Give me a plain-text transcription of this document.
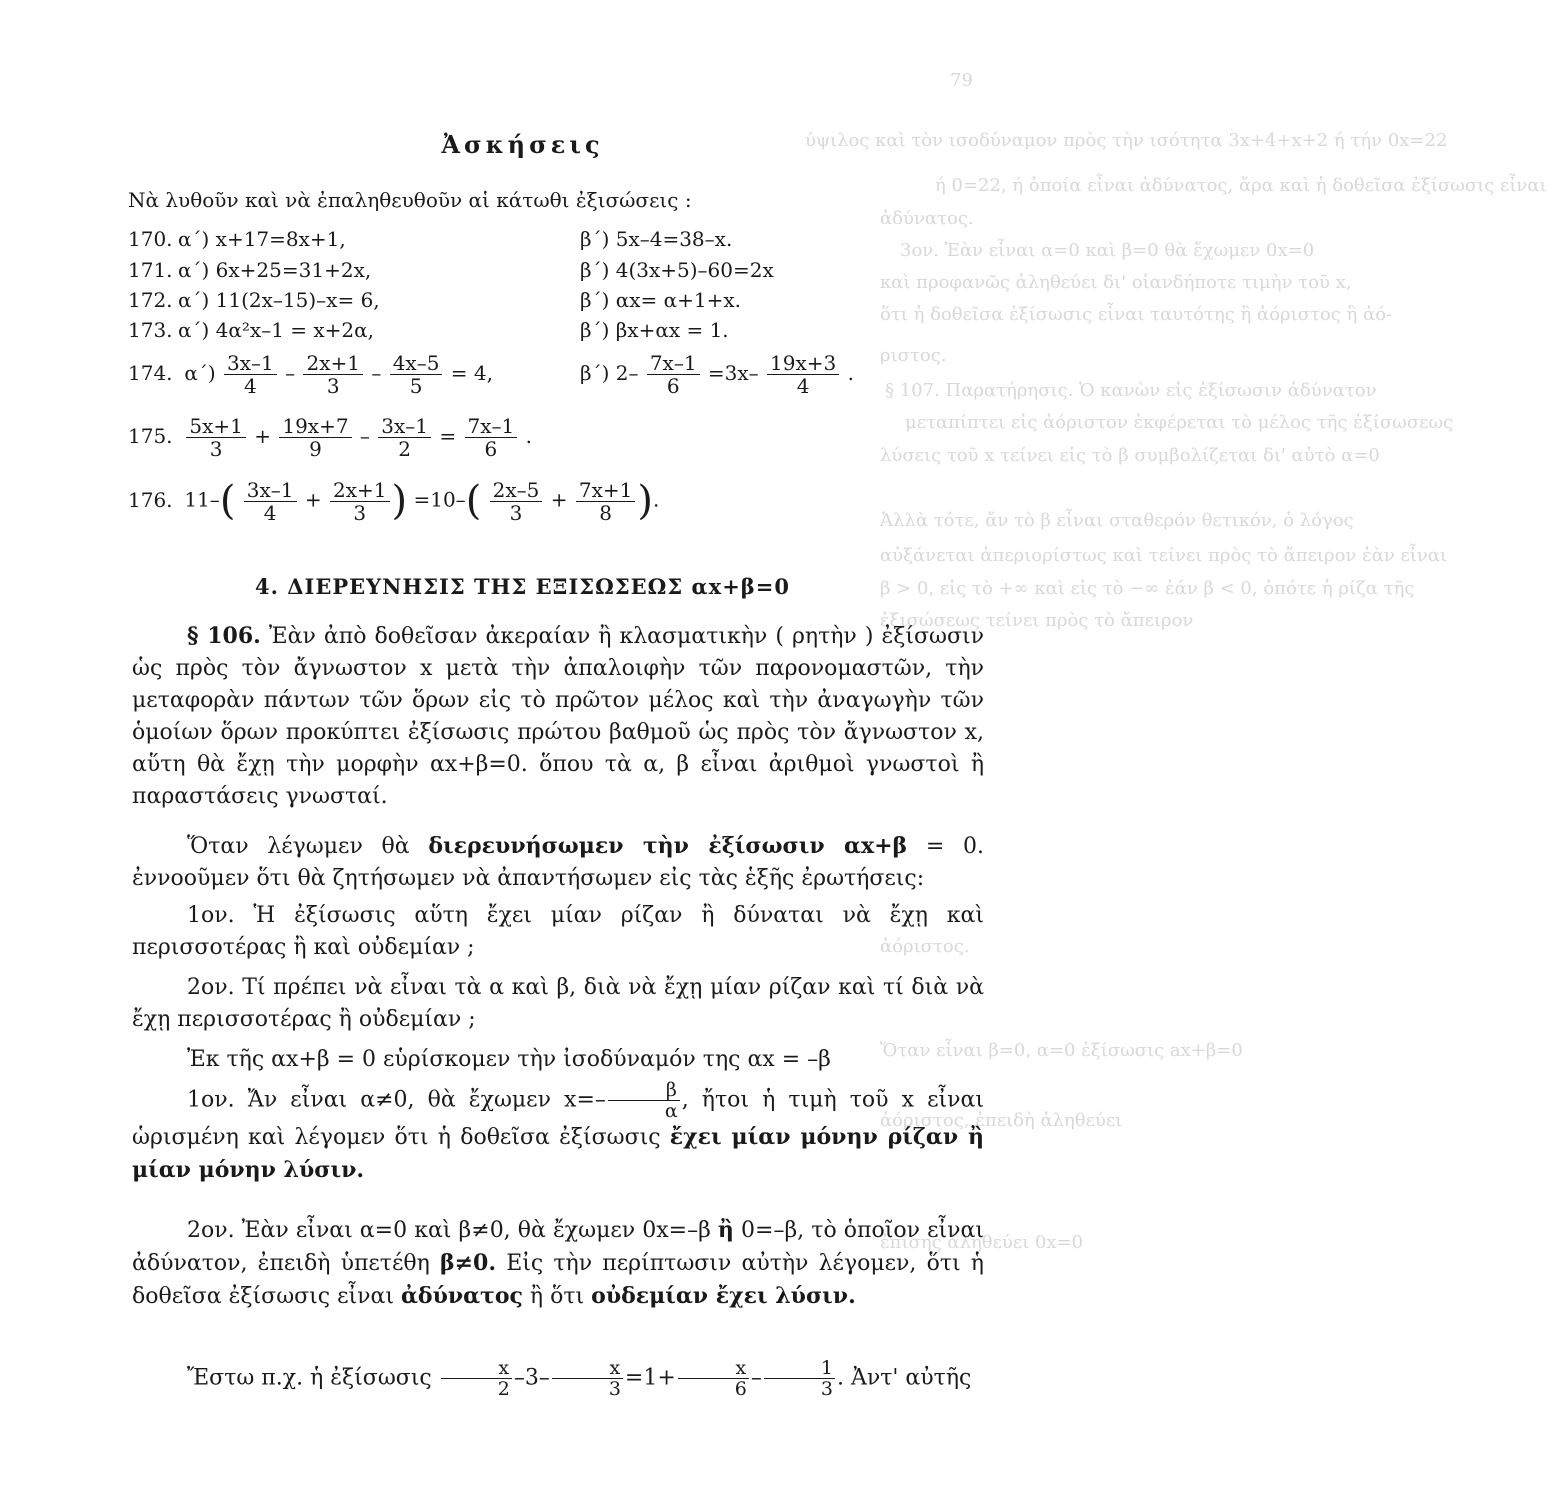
79
ύψιλος καὶ τὸν ισοδύναμον πρὸς τὴν ισότητα 3x+4+x+2 ή τήν 0x=22
ή 0=22, ή ὁποία εἶναι ἀδύνατος, ἄρα καὶ ἡ δοθεῖσα ἐξίσωσις εἶναι
ἀδύνατος.
3ον. Ἐὰν εἶναι α=0 καὶ β=0 θὰ ἔχωμεν 0x=0
καὶ προφανῶς ἀληθεύει δι' οἱανδήποτε τιμὴν τοῦ x,
ὅτι ἡ δοθεῖσα ἐξίσωσις εἶναι ταυτότης ἢ ἀόριστος ἢ ἀό-
ριστος.
§ 107. Παρατήρησις. Ὁ κανὼν εἰς ἐξίσωσιν ἀδύνατον
μεταπίπτει εἰς ἀόριστον ἐκφέρεται τὸ μέλος τῆς ἐξίσωσεως
λύσεις τοῦ x τείνει εἰς τὸ β συμβολίζεται δι' αὐτὸ α=0
Ἀλλὰ τότε, ἄν τὸ β εἶναι σταθερόν θετικόν, ὁ λόγος
αὐξάνεται ἀπεριορίστως καὶ τείνει πρὸς τὸ ἄπειρον ἐὰν εἶναι
β > 0, εἰς τὸ +∞ καὶ εἰς τὸ −∞ ἐάν β < 0, ὁπότε ἡ ρίζα τῆς
ἐξισώσεως τείνει πρὸς τὸ ἄπειρον
ἀόριστος.
Ὅταν εἶναι β=0, α=0 ἐξίσωσις ax+β=0
ἀόριστος, ἐπειδὴ ἀληθεύει
ἐπίσης ἀληθεύει 0x=0
Ἀσκήσεις
Νὰ λυθοῦν καὶ νὰ ἐπαληθευθοῦν αἱ κάτωθι ἐξισώσεις :
170. α΄) x+17=8x+1,	β΄) 5x–4=38–x.
171. α΄) 6x+25=31+2x,	β΄) 4(3x+5)–60=2x
172. α΄) 11(2x–15)–x= 6,	β΄) αx= α+1+x.
173. α΄) 4α²x–1 = x+2α,	β΄) βx+αx = 1.
174. $\alpha΄) \frac{3x-1}{4} - \frac{2x+1}{3} - \frac{4x-5}{5} = 4$,	β΄) $2- \frac{7x-1}{6} =3x- \frac{19x+3}{4}$ .
175. $\frac{5x+1}{3} + \frac{19x+7}{9} - \frac{3x-1}{2} = \frac{7x-1}{6}$ .
176. $11-( \frac{3x-1}{4} + \frac{2x+1}{3}$ ) $=10-( \frac{2x-5}{3} + \frac{7x+1}{8}$ ).
4. ΔΙΕΡΕΥΝΗΣΙΣ ΤΗΣ ΕΞΙΣΩΣΕΩΣ αx+β=0

§ 106. Ἐὰν ἀπὸ δοθεῖσαν ἀκεραίαν ἢ κλασματικὴν ( ρητὴν ) ἐξίσωσιν ὡς πρὸς τὸν ἄγνωστον x μετὰ τὴν ἀπαλοιφὴν τῶν παρονομαστῶν, τὴν μεταφορὰν πάντων τῶν ὅρων εἰς τὸ πρῶτον μέλος καὶ τὴν ἀναγωγὴν τῶν ὁμοίων ὅρων προκύπτει ἐξίσωσις πρώτου βαθμοῦ ὡς πρὸς τὸν ἄγνωστον x, αὕτη θὰ ἔχῃ τὴν μορφὴν αx+β=0. ὅπου τὰ α, β εἶναι ἀριθμοὶ γνωστοὶ ἢ παραστάσεις γνωσταί.

Ὅταν λέγωμεν θὰ διερευνήσωμεν τὴν ἐξίσωσιν αx+β = 0. ἐννοοῦμεν ὅτι θὰ ζητήσωμεν νὰ ἀπαντήσωμεν εἰς τὰς ἑξῆς ἐρωτήσεις:

1ον. Ἡ ἐξίσωσις αὕτη ἔχει μίαν ρίζαν ἢ δύναται νὰ ἔχῃ καὶ περισσοτέρας ἢ καὶ οὐδεμίαν ;

2ον. Τί πρέπει νὰ εἶναι τὰ α καὶ β, διὰ νὰ ἔχῃ μίαν ρίζαν καὶ τί διὰ νὰ ἔχῃ περισσοτέρας ἢ οὐδεμίαν ;

Ἐκ τῆς αx+β = 0 εὑρίσκομεν τὴν ἰσοδύναμόν της αx = –β

1ον. Ἄν εἶναι α≠0, θὰ ἔχωμεν $x=- \frac{\beta}{\alpha}$ , ἤτοι ἡ τιμὴ τοῦ x εἶναι ὡρισμένη καὶ λέγομεν ὅτι ἡ δοθεῖσα ἐξίσωσις ἔχει μίαν μόνην ρίζαν ἢ μίαν μόνην λύσιν.

2ον. Ἐὰν εἶναι α=0 καὶ β≠0, θὰ ἔχωμεν 0x=–β ἢ 0=–β, τὸ ὁποῖον εἶναι ἀδύνατον, ἐπειδὴ ὑπετέθη β≠0. Εἰς τὴν περίπτωσιν αὐτὴν λέγομεν, ὅτι ἡ δοθεῖσα ἐξίσωσις εἶναι ἀδύνατος ἢ ὅτι οὐδεμίαν ἔχει λύσιν.

Ἔστω π.χ. ἡ ἐξίσωσις $\frac{x}{2} -3- \frac{x}{3} =1+ \frac{x}{6} - \frac{1}{3}$ . Ἀντ' αὐτῆς
